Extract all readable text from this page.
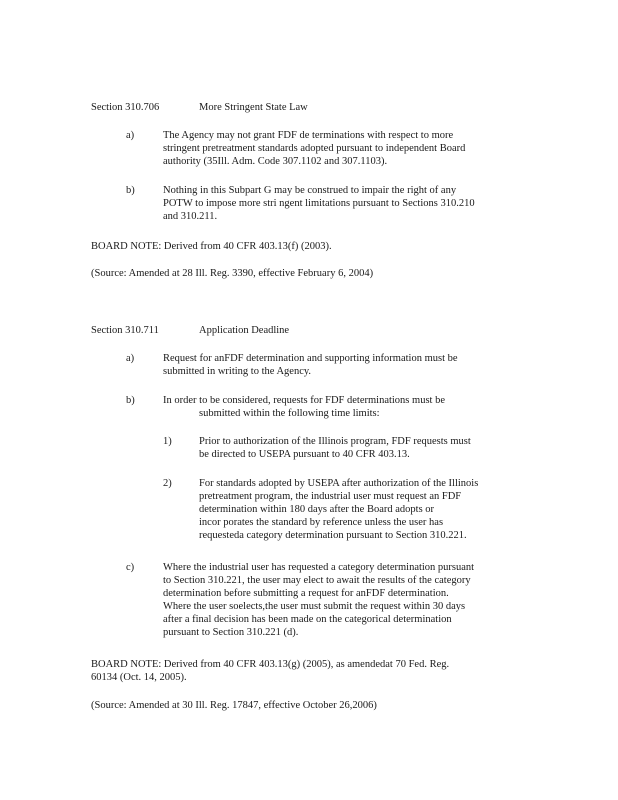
Section 310.706	More Stringent State Law
a)	The Agency may not grant FDF de terminations with respect to more
stringent pretreatment standards adopted pursuant to independent Board
authority (35Ill. Adm. Code 307.1102 and 307.1103).
b)	Nothing in this Subpart G may be construed to impair the right of any
POTW to impose more stri ngent limitations pursuant to Sections 310.210
and 310.211.
BOARD NOTE: Derived from 40 CFR 403.13(f) (2003).
(Source: Amended at 28 Ill. Reg. 3390, effective February 6, 2004)
Section 310.711	Application Deadline
a)	Request for anFDF determination and supporting information must be
submitted in writing to the Agency.
b)	In order to be considered, requests for FDF determinations must be
submitted within the following time limits:
1)	Prior to authorization of the Illinois program, FDF requests must
be directed to USEPA pursuant to 40 CFR 403.13.
2)	For standards adopted by USEPA after authorization of the Illinois
pretreatment program, the industrial user must request an FDF
determination within 180 days after the Board adopts or
incor porates the standard by reference unless the user has
requesteda category determination pursuant to Section 310.221.
c)	Where the industrial user has requested a category determination pursuant
to Section 310.221, the user may elect to await the results of the category
determination before submitting a request for anFDF determination.
Where the user soelects,the user must submit the request within 30 days
after a final decision has been made on the categorical determination
pursuant to Section 310.221 (d).
BOARD NOTE: Derived from 40 CFR 403.13(g) (2005), as amendedat 70 Fed. Reg.
60134 (Oct. 14, 2005).
(Source: Amended at 30 Ill. Reg. 17847, effective October 26,2006)
